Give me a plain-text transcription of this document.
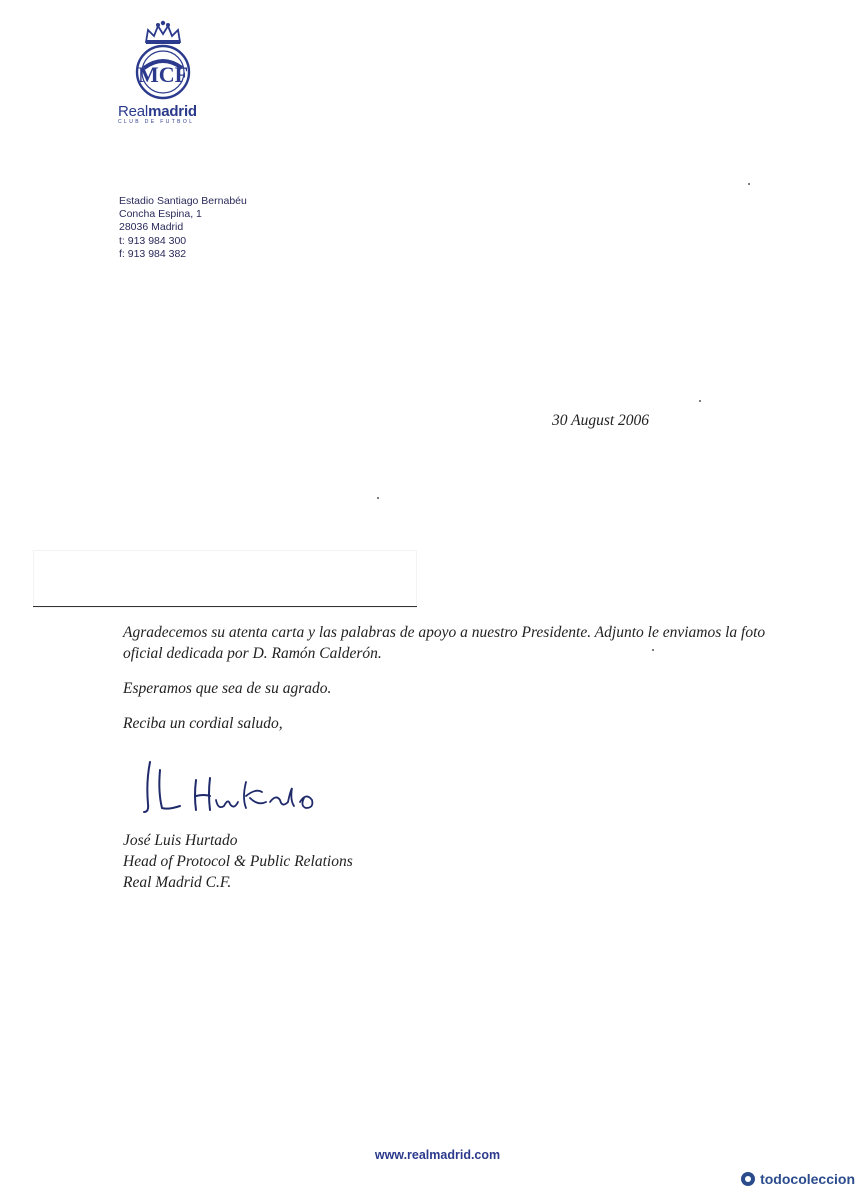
MCF
Realmadrid
CLUB DE FUTBOL
Estadio Santiago Bernabéu
Concha Espina, 1
28036 Madrid
t: 913 984 300
f: 913 984 382
30 August 2006

Agradecemos su atenta carta y las palabras de apoyo a nuestro Presidente. Adjunto le enviamos la foto oficial dedicada por D. Ramón Calderón.

Esperamos que sea de su agrado.

Reciba un cordial saludo,

José Luis Hurtado
Head of Protocol & Public Relations
Real Madrid C.F.
www.realmadrid.com
todocoleccion
